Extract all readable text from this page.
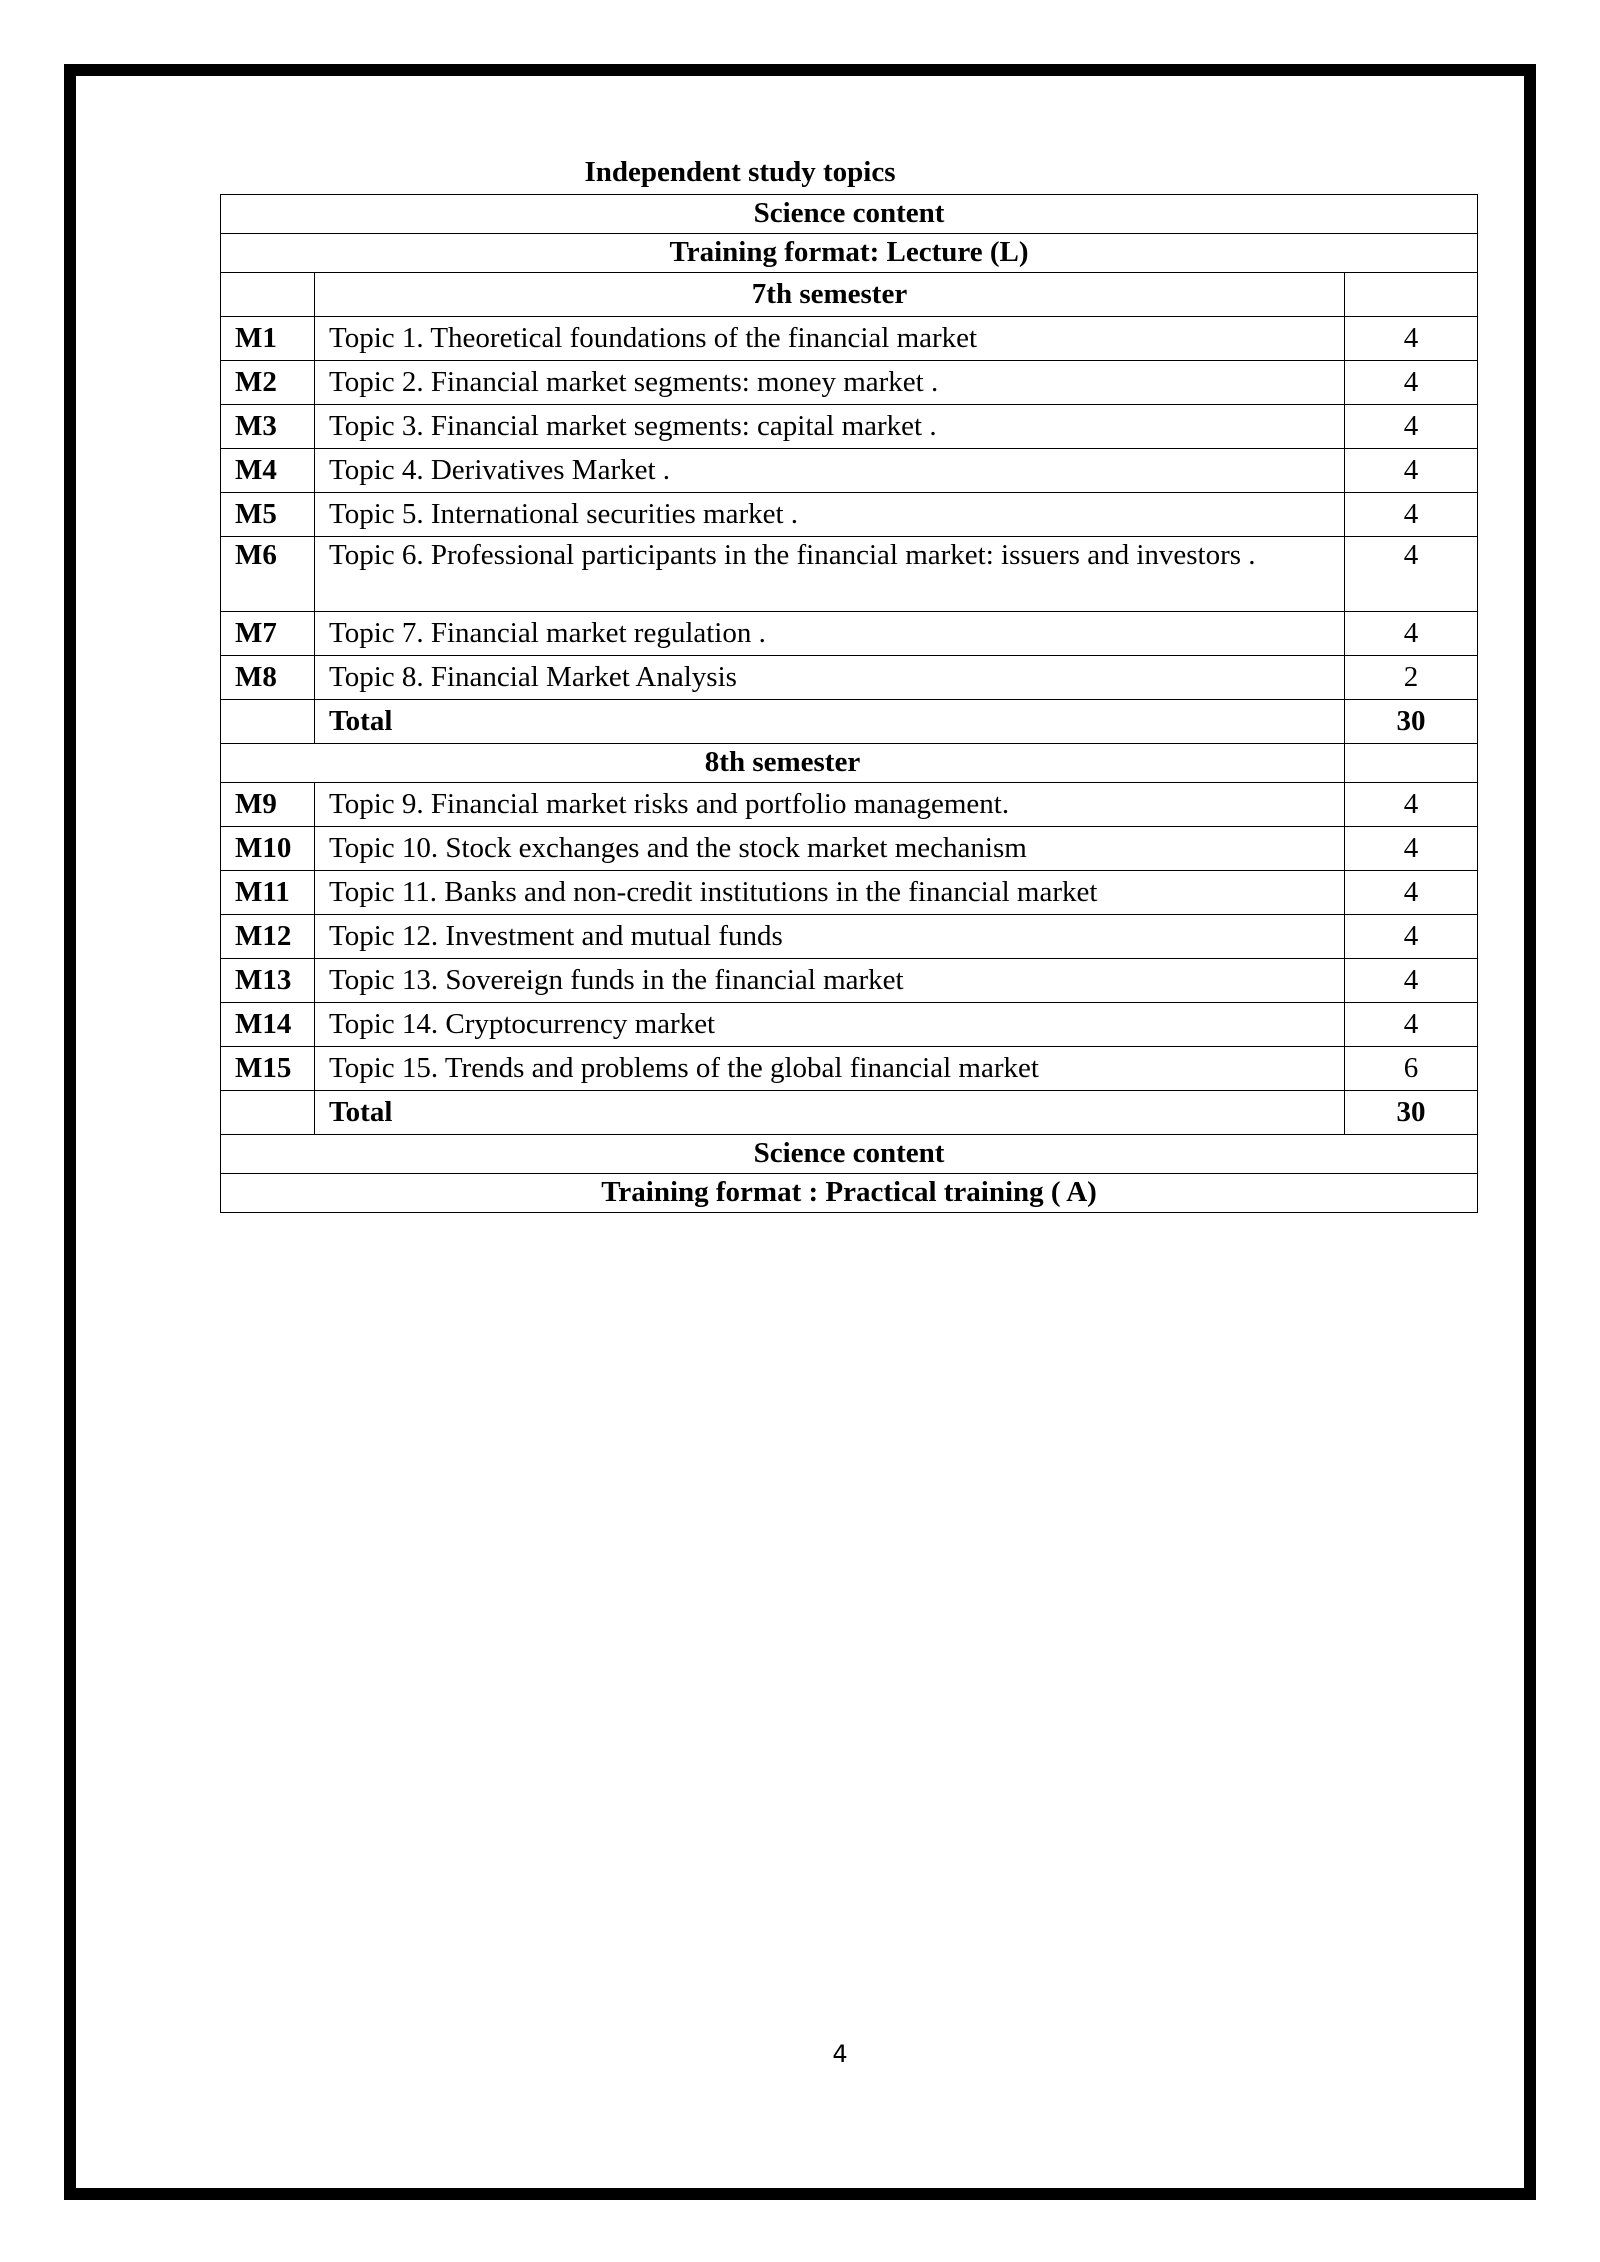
Independent study topics
Science content		
Training format: Lecture (L)		
	7th semester	
M1	Topic 1. Theoretical foundations of the financial market	4
M2	Topic 2. Financial market segments: money market .	4
M3	Topic 3. Financial market segments: capital market .	4
M4	Topic 4. Derivatives Market .	4
M5	Topic 5. International securities market .	4
M6	Topic 6. Professional participants in the financial market: issuers and investors .	4
M7	Topic 7. Financial market regulation .	4
M8	Topic 8. Financial Market Analysis	2
	Total	30
8th semester		
M9	Topic 9. Financial market risks and portfolio management.	4
M10	Topic 10. Stock exchanges and the stock market mechanism	4
M11	Topic 11. Banks and non-credit institutions in the financial market	4
M12	Topic 12. Investment and mutual funds	4
M13	Topic 13. Sovereign funds in the financial market	4
M14	Topic 14. Cryptocurrency market	4
M15	Topic 15. Trends and problems of the global financial market	6
	Total	30
Science content		
Training format : Practical training ( A)		
4
